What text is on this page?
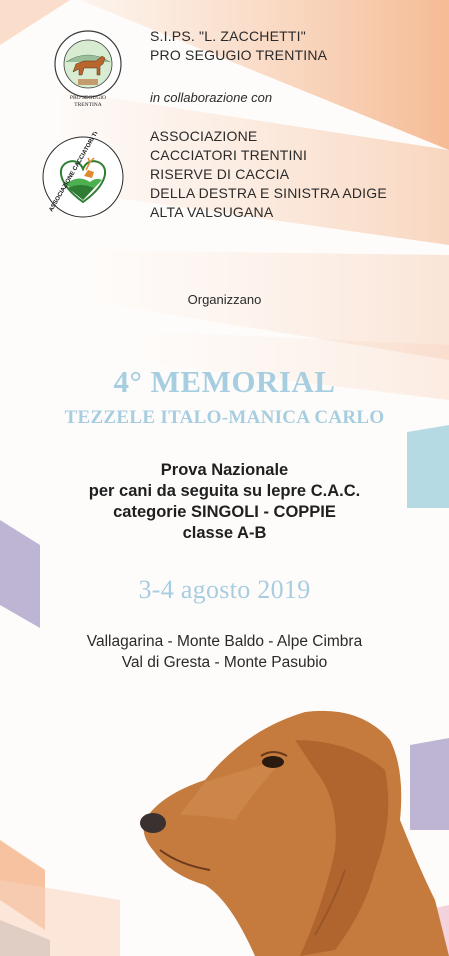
PRO SEGUGIO
TRENTINA
ASSOCIAZIONE CACCIATORI
S.I.PS. "L. ZACCHETTI"
PRO SEGUGIO TRENTINA
in collaborazione con
ASSOCIAZIONE
CACCIATORI TRENTINI
RISERVE DI CACCIA
DELLA DESTRA E SINISTRA ADIGE
ALTA VALSUGANA
Organizzano
4° MEMORIAL
TEZZELE ITALO-MANICA CARLO
Prova Nazionale
per cani da seguita su lepre C.A.C.
categorie SINGOLI - COPPIE
classe A-B
3-4 agosto 2019
Vallagarina - Monte Baldo - Alpe Cimbra
Val di Gresta - Monte Pasubio
